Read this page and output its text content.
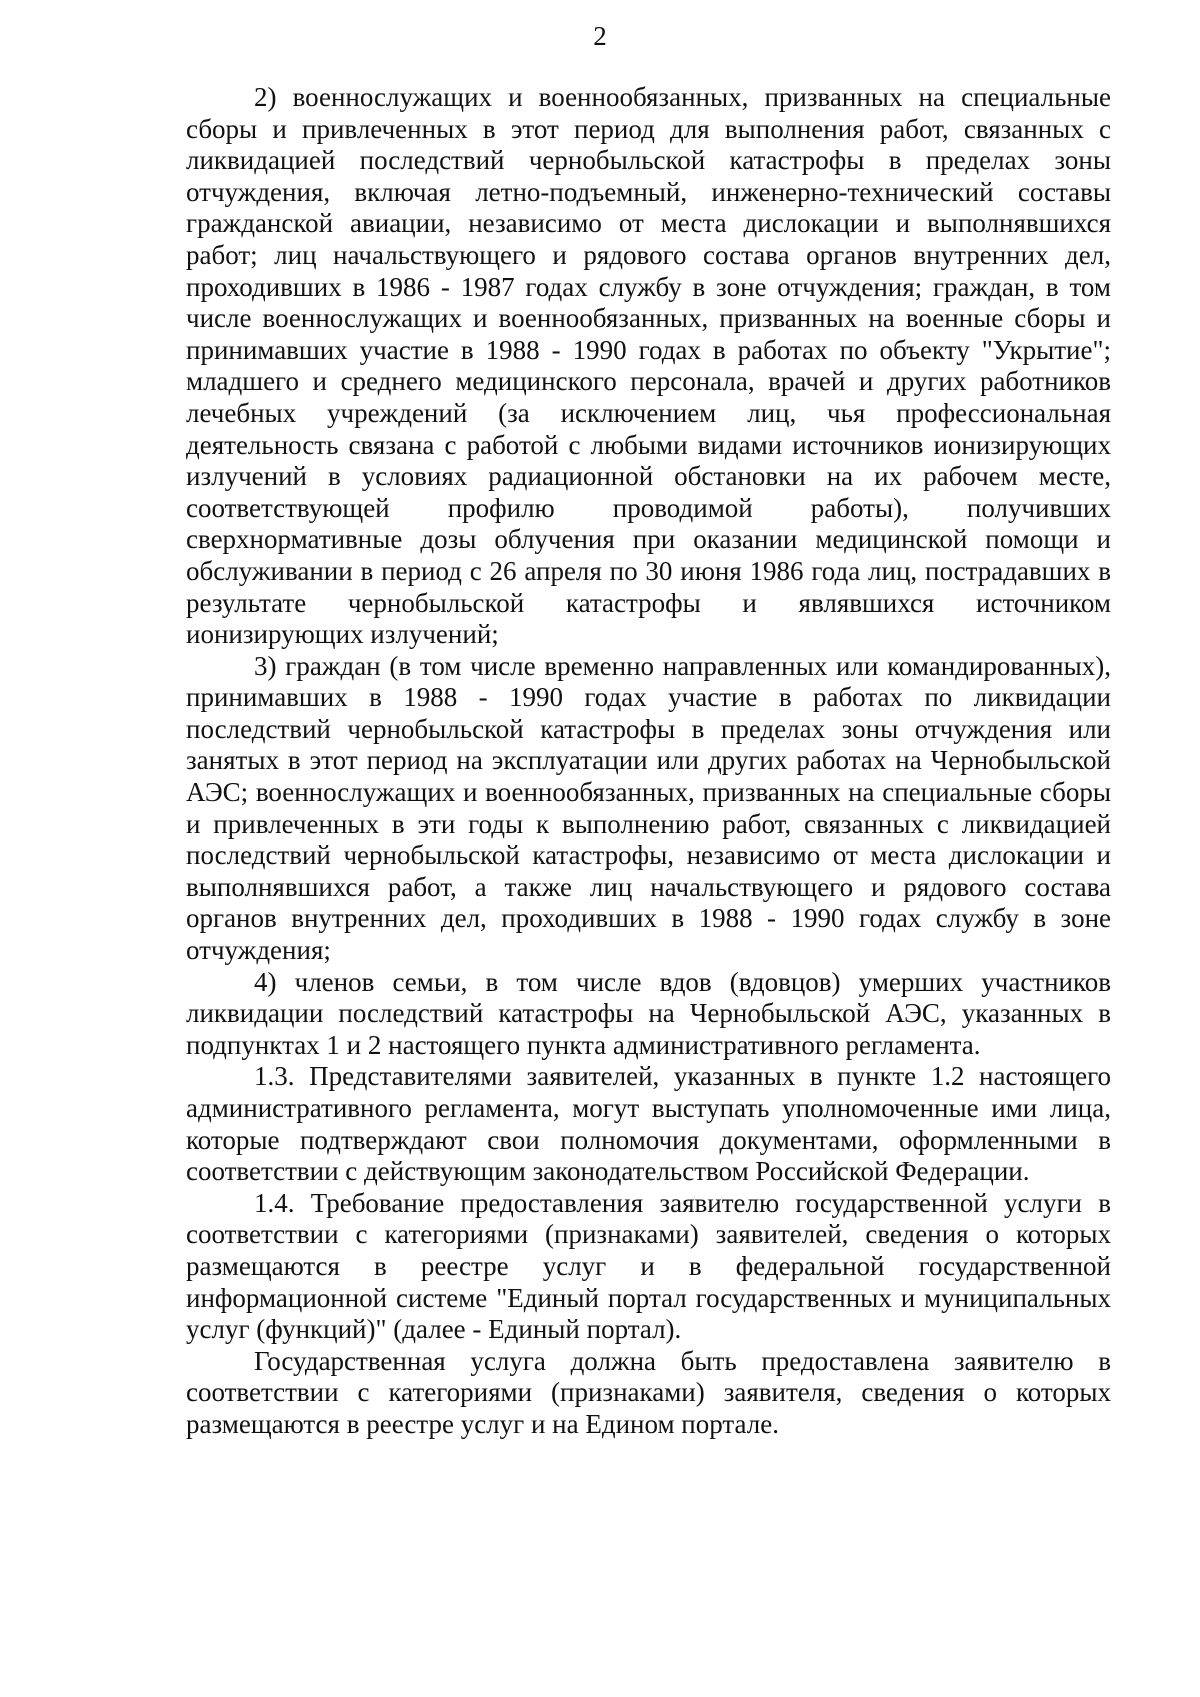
2

2) военнослужащих и военнообязанных, призванных на специальные сборы и привлеченных в этот период для выполнения работ, связанных с ликвидацией последствий чернобыльской катастрофы в пределах зоны отчуждения, включая летно-подъемный, инженерно-технический составы гражданской авиации, независимо от места дислокации и выполнявшихся работ; лиц начальствующего и рядового состава органов внутренних дел, проходивших в 1986 - 1987 годах службу в зоне отчуждения; граждан, в том числе военнослужащих и военнообязанных, призванных на военные сборы и принимавших участие в 1988 - 1990 годах в работах по объекту "Укрытие"; младшего и среднего медицинского персонала, врачей и других работников лечебных учреждений (за исключением лиц, чья профессиональная деятельность связана с работой с любыми видами источников ионизирующих излучений в условиях радиационной обстановки на их рабочем месте, соответствующей профилю проводимой работы), получивших сверхнормативные дозы облучения при оказании медицинской помощи и обслуживании в период с 26 апреля по 30 июня 1986 года лиц, пострадавших в результате чернобыльской катастрофы и являвшихся источником ионизирующих излучений;

3) граждан (в том числе временно направленных или командированных), принимавших в 1988 - 1990 годах участие в работах по ликвидации последствий чернобыльской катастрофы в пределах зоны отчуждения или занятых в этот период на эксплуатации или других работах на Чернобыльской АЭС; военнослужащих и военнообязанных, призванных на специальные сборы и привлеченных в эти годы к выполнению работ, связанных с ликвидацией последствий чернобыльской катастрофы, независимо от места дислокации и выполнявшихся работ, а также лиц начальствующего и рядового состава органов внутренних дел, проходивших в 1988 - 1990 годах службу в зоне отчуждения;

4) членов семьи, в том числе вдов (вдовцов) умерших участников ликвидации последствий катастрофы на Чернобыльской АЭС, указанных в подпунктах 1 и 2 настоящего пункта административного регламента.

1.3. Представителями заявителей, указанных в пункте 1.2 настоящего административного регламента, могут выступать уполномоченные ими лица, которые подтверждают свои полномочия документами, оформленными в соответствии с действующим законодательством Российской Федерации.

1.4. Требование предоставления заявителю государственной услуги в соответствии с категориями (признаками) заявителей, сведения о которых размещаются в реестре услуг и в федеральной государственной информационной системе "Единый портал государственных и муниципальных услуг (функций)" (далее - Единый портал).

Государственная услуга должна быть предоставлена заявителю в соответствии с категориями (признаками) заявителя, сведения о которых размещаются в реестре услуг и на Едином портале.
